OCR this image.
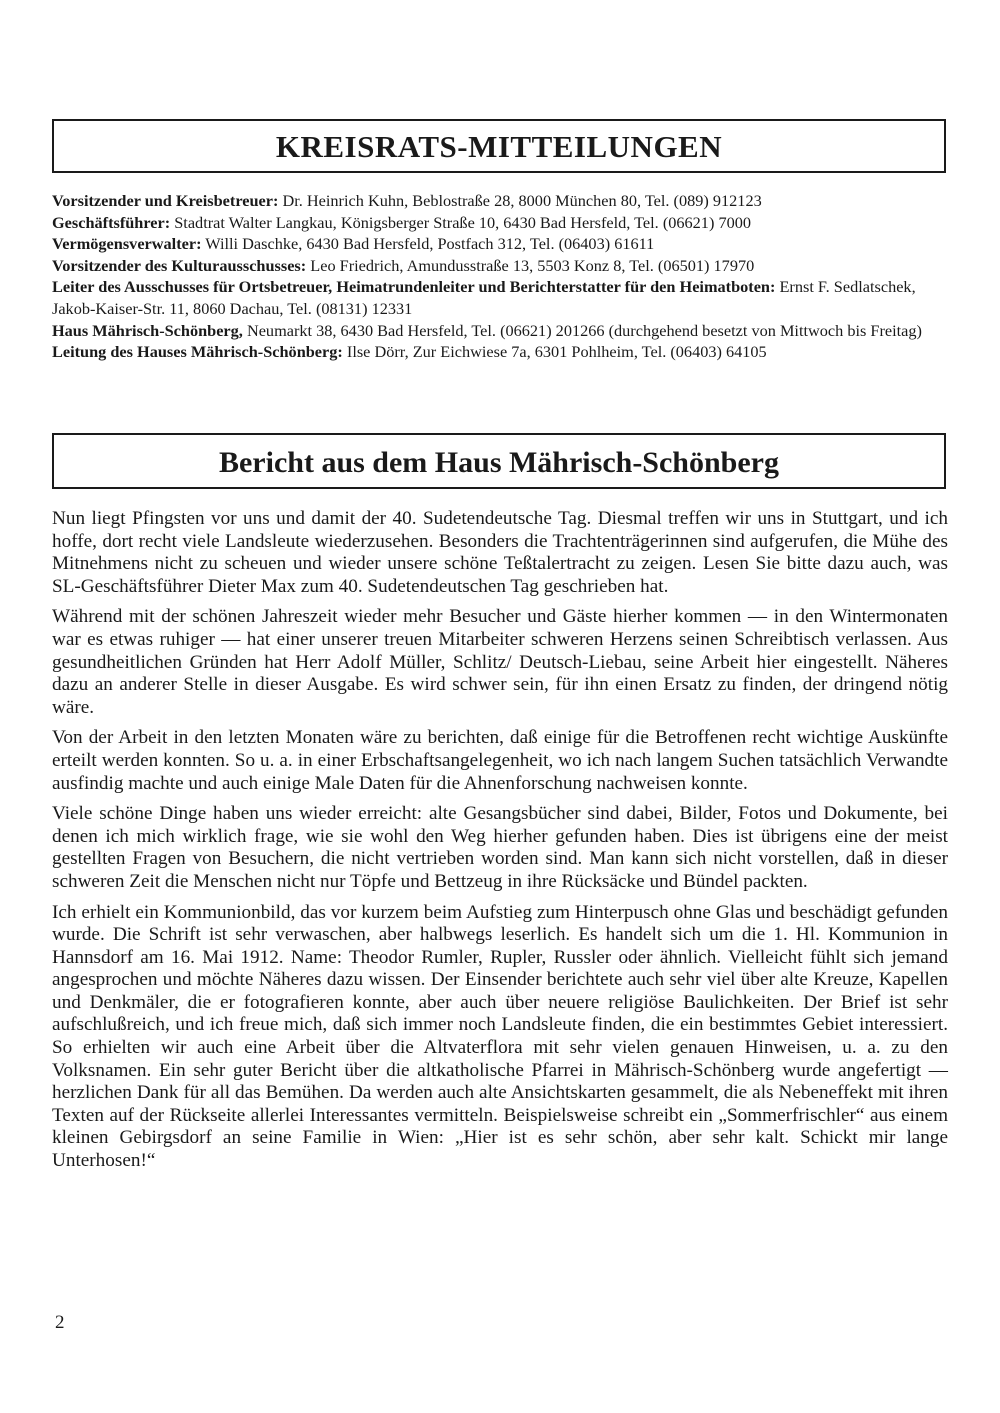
KREISRATS-MITTEILUNGEN

Vorsitzender und Kreisbetreuer: Dr. Heinrich Kuhn, Beblostraße 28, 8000 München 80, Tel. (089) 912123

Geschäftsführer: Stadtrat Walter Langkau, Königsberger Straße 10, 6430 Bad Hersfeld, Tel. (06621) 7000

Vermögensverwalter: Willi Daschke, 6430 Bad Hersfeld, Postfach 312, Tel. (06403) 61611

Vorsitzender des Kulturausschusses: Leo Friedrich, Amundusstraße 13, 5503 Konz 8, Tel. (06501) 17970

Leiter des Ausschusses für Ortsbetreuer, Heimatrundenleiter und Berichterstatter für den Heimatboten: Ernst F. Sedlatschek, Jakob-Kaiser-Str. 11, 8060 Dachau, Tel. (08131) 12331

Haus Mährisch-Schönberg, Neumarkt 38, 6430 Bad Hersfeld, Tel. (06621) 201266 (durchgehend besetzt von Mittwoch bis Freitag)

Leitung des Hauses Mährisch-Schönberg: Ilse Dörr, Zur Eichwiese 7a, 6301 Pohlheim, Tel. (06403) 64105

Bericht aus dem Haus Mährisch-Schönberg

Nun liegt Pfingsten vor uns und damit der 40. Sudetendeutsche Tag. Diesmal treffen wir uns in Stuttgart, und ich hoffe, dort recht viele Landsleute wiederzusehen. Besonders die Trachtenträgerinnen sind aufgerufen, die Mühe des Mitnehmens nicht zu scheuen und wieder unsere schöne Teßtalertracht zu zeigen. Lesen Sie bitte dazu auch, was SL-Geschäftsführer Dieter Max zum 40. Sudetendeutschen Tag geschrieben hat.

Während mit der schönen Jahreszeit wieder mehr Besucher und Gäste hierher kommen — in den Wintermonaten war es etwas ruhiger — hat einer unserer treuen Mitarbeiter schweren Herzens seinen Schreibtisch verlassen. Aus gesundheitlichen Gründen hat Herr Adolf Müller, Schlitz/ Deutsch-Liebau, seine Arbeit hier eingestellt. Näheres dazu an anderer Stelle in dieser Ausgabe. Es wird schwer sein, für ihn einen Ersatz zu finden, der dringend nötig wäre.

Von der Arbeit in den letzten Monaten wäre zu berichten, daß einige für die Betroffenen recht wichtige Auskünfte erteilt werden konnten. So u. a. in einer Erbschaftsangelegenheit, wo ich nach langem Suchen tatsächlich Verwandte ausfindig machte und auch einige Male Daten für die Ahnenforschung nachweisen konnte.

Viele schöne Dinge haben uns wieder erreicht: alte Gesangsbücher sind dabei, Bilder, Fotos und Dokumente, bei denen ich mich wirklich frage, wie sie wohl den Weg hierher gefunden haben. Dies ist übrigens eine der meist gestellten Fragen von Besuchern, die nicht vertrieben worden sind. Man kann sich nicht vorstellen, daß in dieser schweren Zeit die Menschen nicht nur Töpfe und Bettzeug in ihre Rücksäcke und Bündel packten.

Ich erhielt ein Kommunionbild, das vor kurzem beim Aufstieg zum Hinterpusch ohne Glas und beschädigt gefunden wurde. Die Schrift ist sehr verwaschen, aber halbwegs leserlich. Es handelt sich um die 1. Hl. Kommunion in Hannsdorf am 16. Mai 1912. Name: Theodor Rumler, Rupler, Russler oder ähnlich. Vielleicht fühlt sich jemand angesprochen und möchte Näheres dazu wissen. Der Einsender berichtete auch sehr viel über alte Kreuze, Kapellen und Denkmäler, die er fotografieren konnte, aber auch über neuere religiöse Baulichkeiten. Der Brief ist sehr aufschlußreich, und ich freue mich, daß sich immer noch Landsleute finden, die ein bestimmtes Gebiet interessiert. So erhielten wir auch eine Arbeit über die Altvaterflora mit sehr vielen genauen Hinweisen, u. a. zu den Volksnamen. Ein sehr guter Bericht über die altkatholische Pfarrei in Mährisch-Schönberg wurde angefertigt — herzlichen Dank für all das Bemühen. Da werden auch alte Ansichtskarten gesammelt, die als Nebeneffekt mit ihren Texten auf der Rückseite allerlei Interessantes vermitteln. Beispielsweise schreibt ein „Sommerfrischler“ aus einem kleinen Gebirgsdorf an seine Familie in Wien: „Hier ist es sehr schön, aber sehr kalt. Schickt mir lange Unterhosen!“

2
